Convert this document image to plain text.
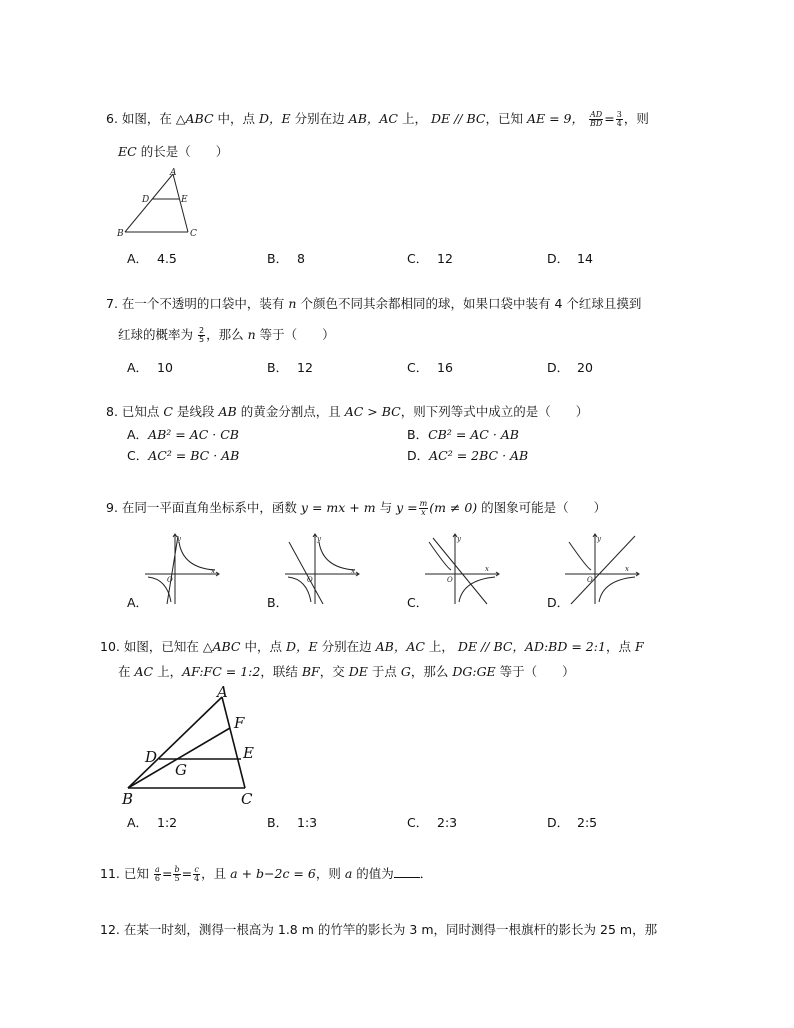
6. 如图，在 △ABC 中，点 D，E 分别在边 AB，AC 上， DE // BC，已知 AE = 9， $\frac{AD}{BD} = \frac{3}{4}$ ，则
EC 的长是（　　）
A
D	E
B	C
A． 4.5	B． 8	C． 12	D． 14
7. 在一个不透明的口袋中，装有 n 个颜色不同其余都相同的球，如果口袋中装有 4 个红球且摸到
红球的概率为 $\frac{2}{5}$ ，那么 n 等于（　　）
A． 10	B． 12	C． 16	D． 20
8. 已知点 C 是线段 AB 的黄金分割点，且 AC > BC，则下列等式中成立的是（　　）
A．AB² = AC · CB	B．CB² = AC · AB
C．AC² = BC · AB	D．AC² = 2BC · AB
9. 在同一平面直角坐标系中，函数 y = mx + m 与 $y = \frac{m}{x} (m \ne 0)$ 的图象可能是（　　）
y
x
O
y
x
O
y
x
O
y
x
O
A．	B．	C．	D．
10. 如图，已知在 △ABC 中，点 D，E 分别在边 AB，AC 上， DE // BC，AD:BD = 2:1，点 F
在 AC 上，AF:FC = 1:2，联结 BF，交 DE 于点 G，那么 DG:GE 等于（　　）
A
F
D	E
G
B	C
A． 1:2	B． 1:3	C． 2:3	D． 2:5
11. 已知 $\frac{a}{6} = \frac{b}{5} = \frac{c}{4}$ ，且 a + b−2c = 6，则 a 的值为 ．
12. 在某一时刻，测得一根高为 1.8 m 的竹竿的影长为 3 m，同时测得一根旗杆的影长为 25 m，那
